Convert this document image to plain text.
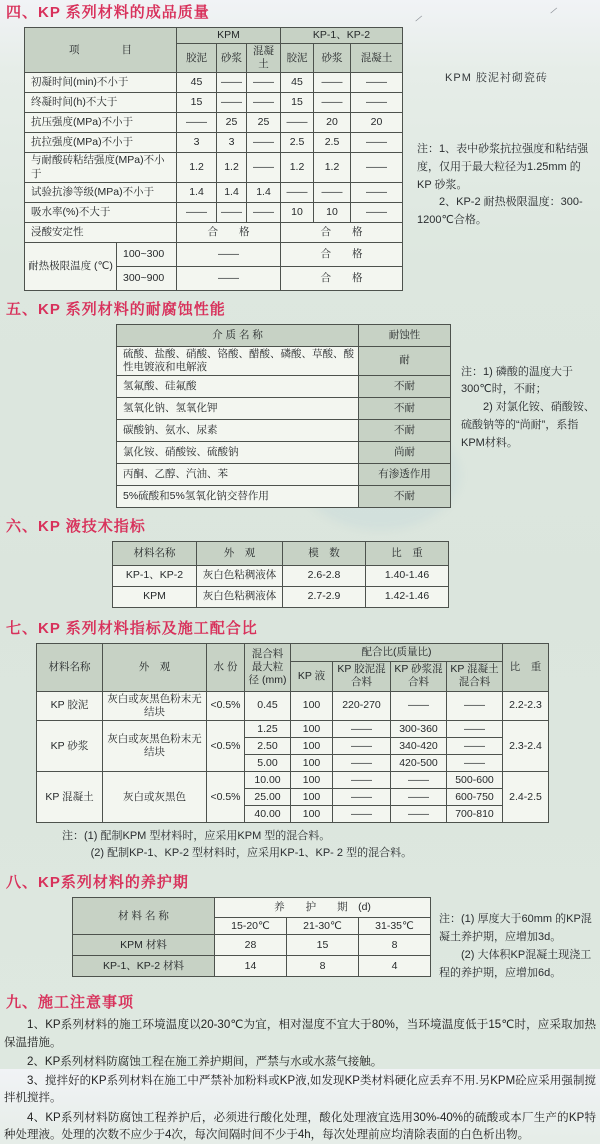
⁄
⁄
四、KP 系列材料的成品质量
项　　　　目		KPM			KP-1、KP-2		
		胶泥	砂浆	混凝土	胶泥	砂浆	混凝土
初凝时间(min)不小于		45	——	——	45	——	——
终凝时间(h)不大于		15	——	——	15	——	——
抗压强度(MPa)不小于		——	25	25	——	20	20
抗拉强度(MPa)不小于		3	3	——	2.5	2.5	——
与耐酸砖粘结强度(MPa)不小于		1.2	1.2	——	1.2	1.2	——
试验抗渗等级(MPa)不小于		1.4	1.4	1.4	——	——	——
吸水率(%)不大于		——	——	——	10	10	——
浸酸安定性		合　　格			合　　格		
耐热极限温度 (℃)	100~300	——			合　　格		
	300~900	——			合　　格		
KPM 胶泥衬砌瓷砖

注：1、表中砂浆抗拉强度和粘结强度，仅用于最大粒径为1.25mm 的KP 砂浆。

2、KP-2 耐热极限温度：300-1200℃合格。

五、KP 系列材料的耐腐蚀性能
介 质 名 称	耐蚀性
硫酸、盐酸、硝酸、铬酸、醋酸、磷酸、草酸、酸性电镀液和电解液	耐
氢氟酸、硅氟酸	不耐
氢氧化钠、氢氧化钾	不耐
碳酸钠、氨水、尿素	不耐
氯化铵、硝酸铵、硫酸钠	尚耐
丙酮、乙醇、汽油、苯	有渗透作用
5%硫酸和5%氢氧化钠交替作用	不耐

注：1) 磷酸的温度大于300℃时，不耐；

2) 对氯化铵、硝酸铵、硫酸钠等的“尚耐”，系指KPM材料。

六、KP 液技术指标
材料名称	外　观	模　数	比　重
KP-1、KP-2	灰白色粘稠液体	2.6-2.8	1.40-1.46
KPM	灰白色粘稠液体	2.7-2.9	1.42-1.46
七、KP 系列材料指标及施工配合比
材料名称	外　观	水 份	混合料最大粒径 (mm)	配合比(质量比)				比　重
				KP 液	KP 胶泥混合料	KP 砂浆混合料	KP 混凝土混合料	
KP 胶泥	灰白或灰黑色粉末无结块	<0.5%	0.45	100	220-270	——	——	2.2-2.3
KP 砂浆	灰白或灰黑色粉末无结块	<0.5%	1.25	100	——	300-360	——	2.3-2.4
			2.50	100	——	340-420	——	
			5.00	100	——	420-500	——	
KP 混凝土	灰白或灰黑色	<0.5%	10.00	100	——	——	500-600	2.4-2.5
			25.00	100	——	——	600-750	
			40.00	100	——	——	700-810	

注：(1) 配制KPM 型材料时，应采用KPM 型的混合料。

(2) 配制KP-1、KP-2 型材料时，应采用KP-1、KP- 2 型的混合料。

八、KP系列材料的养护期
材 料 名 称	养　　护　　期　(d)		
	15-20℃	21-30℃	31-35℃
KPM 材料	28	15	8
KP-1、KP-2 材料	14	8	4

注：(1) 厚度大于60mm 的KP混凝土养护期，应增加3d。

(2) 大体积KP混凝土现浇工程的养护期，应增加6d。

九、施工注意事项

1、KP系列材料的施工环境温度以20-30℃为宜，相对湿度不宜大于80%，当环境温度低于15℃时，应采取加热保温措施。

2、KP系列材料防腐蚀工程在施工养护期间，严禁与水或水蒸气接触。

3、搅拌好的KP系列材料在施工中严禁补加粉料或KP液,如发现KP类材料硬化应丢弃不用.另KPM砼应采用强制搅拌机搅拌。

4、KP系列材料防腐蚀工程养护后，必须进行酸化处理，酸化处理液宜选用30%-40%的硫酸或本厂生产的KP特种处理液。处理的次数不应少于4次，每次间隔时间不少于4h，每次处理前应均清除表面的白色析出物。
